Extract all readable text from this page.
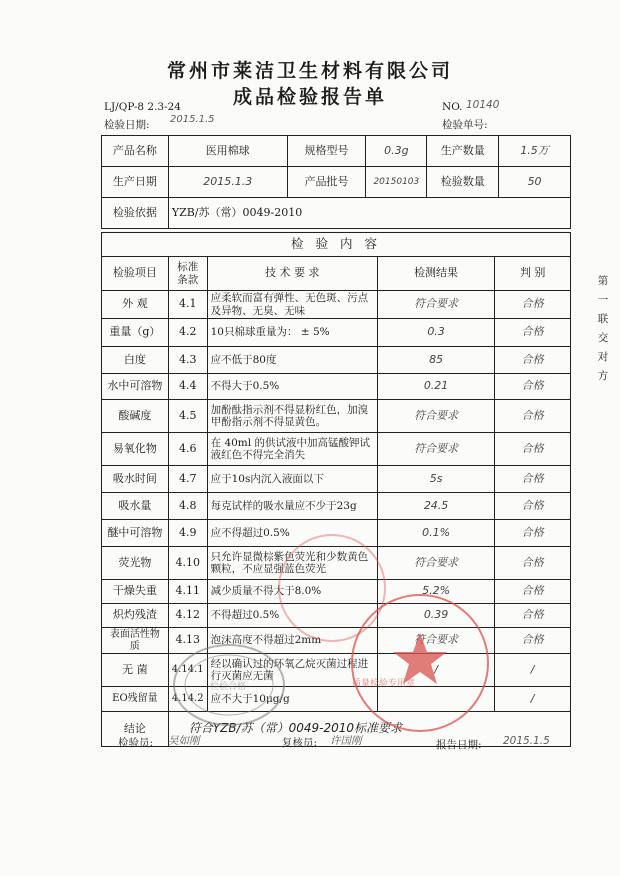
常州市莱洁卫生材料有限公司
成品检验报告单
LJ/QP-8 2.3-24
检验日期: 2015.1.5
NO. 10140
检验单号:
产品名称	医用棉球	规格型号	0.3g	生产数量	1.5万
生产日期	2015.1.3	产品批号	20150103	检验数量	50
检验依据	YZB/苏（常）0049-2010				
检 验 内 容				
检验项目	标准条款	技 术 要 求	检测结果	判 别
外 观	4.1	应柔软而富有弹性、无色斑、污点及异物、无臭、无味	符合要求	合格
重量（g）	4.2	10只棉球重量为： ± 5%	0.3	合格
白度	4.3	应不低于80度	85	合格
水中可溶物	4.4	不得大于0.5%	0.21	合格
酸碱度	4.5	加酚酞指示剂不得显粉红色，加溴甲酚指示剂不得显黄色。	符合要求	合格
易氧化物	4.6	在 40ml 的供试液中加高锰酸钾试液红色不得完全消失	符合要求	合格
吸水时间	4.7	应于10s内沉入液面以下	5s	合格
吸水量	4.8	每克试样的吸水量应不少于23g	24.5	合格
醚中可溶物	4.9	应不得超过0.5%	0.1%	合格
荧光物	4.10	只允许显微棕紫色荧光和少数黄色颗粒，不应显强蓝色荧光	符合要求	合格
干燥失重	4.11	减少质量不得大于8.0%	5.2%	合格
炽灼残渣	4.12	不得超过0.5%	0.39	合格
表面活性物质	4.13	泡沫高度不得超过2mm	符合要求	合格
无 菌	4.14.1	经以确认过的环氧乙烷灭菌过程进行灭菌应无菌	/	/
EO残留量	4.14.2	应不大于10μg/g		/
结论	符合YZB/苏（常）0049-2010标准要求			
检验员: 吴如刚	复核员: 许国刚	报告日期: 2015.1.5
第
一
联
交
对
方
质量检验专用章
检验合格
